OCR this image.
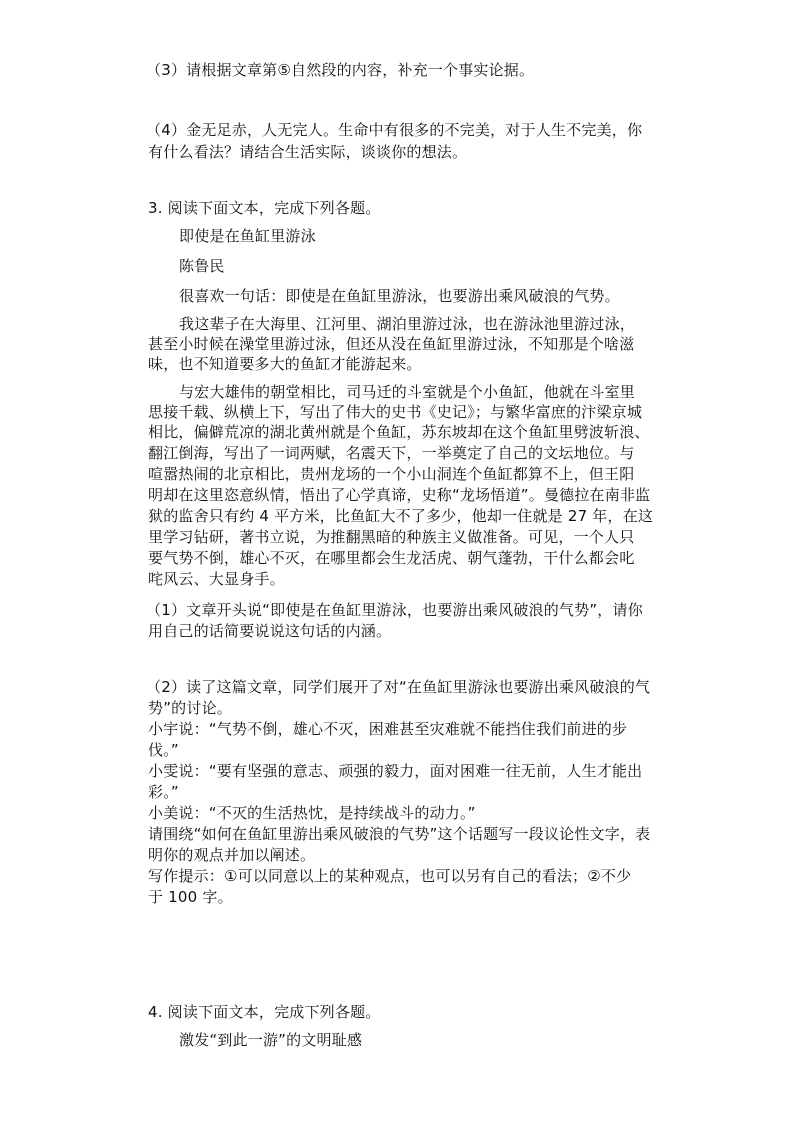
（3）请根据文章第⑤自然段的内容，补充一个事实论据。
（4）金无足赤，人无完人。生命中有很多的不完美，对于人生不完美，你
有什么看法？请结合生活实际，谈谈你的想法。
3. 阅读下面文本，完成下列各题。
即使是在鱼缸里游泳
陈鲁民
很喜欢一句话：即使是在鱼缸里游泳，也要游出乘风破浪的气势。
我这辈子在大海里、江河里、湖泊里游过泳，也在游泳池里游过泳，
甚至小时候在澡堂里游过泳，但还从没在鱼缸里游过泳，不知那是个啥滋
味，也不知道要多大的鱼缸才能游起来。
与宏大雄伟的朝堂相比，司马迁的斗室就是个小鱼缸，他就在斗室里
思接千载、纵横上下，写出了伟大的史书《史记》；与繁华富庶的汴梁京城
相比，偏僻荒凉的湖北黄州就是个鱼缸，苏东坡却在这个鱼缸里劈波斩浪、
翻江倒海，写出了一词两赋，名震天下，一举奠定了自己的文坛地位。与
喧嚣热闹的北京相比，贵州龙场的一个小山洞连个鱼缸都算不上，但王阳
明却在这里恣意纵情，悟出了心学真谛，史称“龙场悟道”。曼德拉在南非监
狱的监舍只有约 4 平方米，比鱼缸大不了多少，他却一住就是 27 年，在这
里学习钻研，著书立说，为推翻黑暗的种族主义做准备。可见，一个人只
要气势不倒，雄心不灭，在哪里都会生龙活虎、朝气蓬勃，干什么都会叱
咤风云、大显身手。
（1）文章开头说“即使是在鱼缸里游泳，也要游出乘风破浪的气势”，请你
用自己的话简要说说这句话的内涵。
（2）读了这篇文章，同学们展开了对“在鱼缸里游泳也要游出乘风破浪的气
势”的讨论。
小宇说：“气势不倒，雄心不灭，困难甚至灾难就不能挡住我们前进的步
伐。”
小雯说：“要有坚强的意志、顽强的毅力，面对困难一往无前，人生才能出
彩。”
小美说：“不灭的生活热忱，是持续战斗的动力。”
请围绕“如何在鱼缸里游出乘风破浪的气势”这个话题写一段议论性文字，表
明你的观点并加以阐述。
写作提示：①可以同意以上的某种观点，也可以另有自己的看法；②不少
于 100 字。
4. 阅读下面文本，完成下列各题。
激发“到此一游”的文明耻感
